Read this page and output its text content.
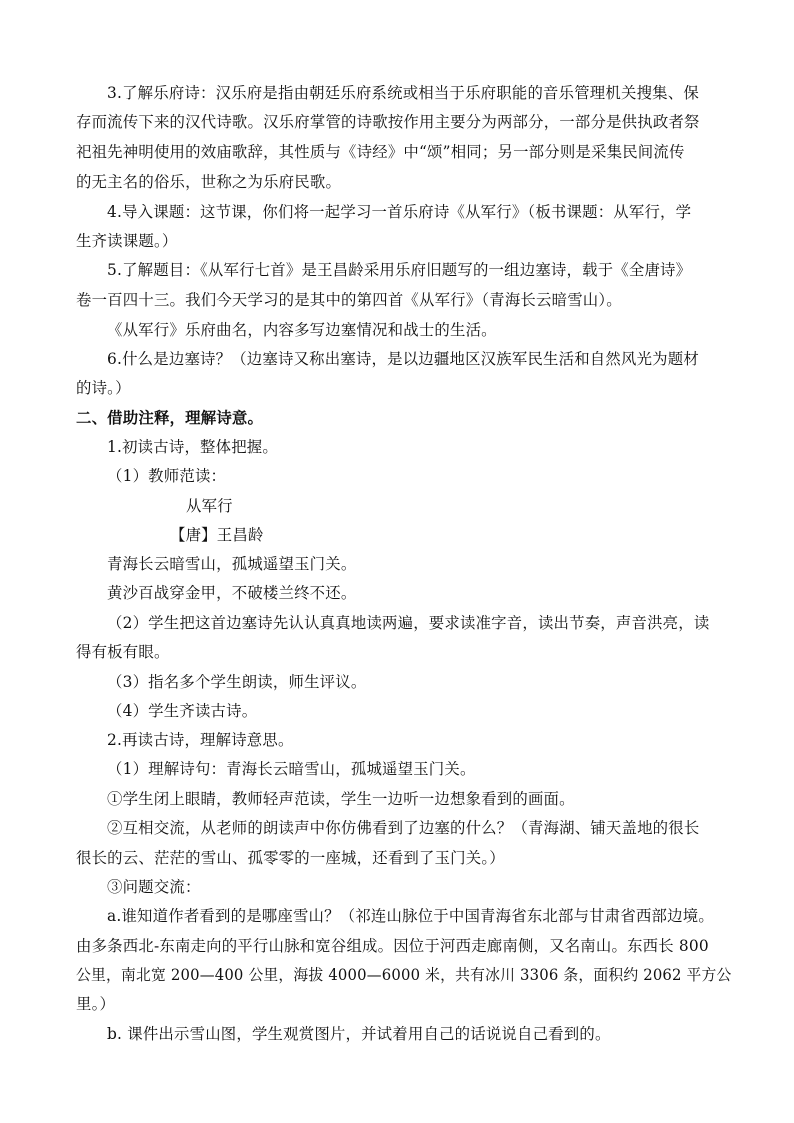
3.了解乐府诗：汉乐府是指由朝廷乐府系统或相当于乐府职能的音乐管理机关搜集、保
存而流传下来的汉代诗歌。汉乐府掌管的诗歌按作用主要分为两部分，一部分是供执政者祭
祀祖先神明使用的效庙歌辞，其性质与《诗经》中“颂”相同；另一部分则是采集民间流传
的无主名的俗乐，世称之为乐府民歌。
4.导入课题：这节课，你们将一起学习一首乐府诗《从军行》（板书课题：从军行，学
生齐读课题。）
5.了解题目：《从军行七首》是王昌龄采用乐府旧题写的一组边塞诗，载于《全唐诗》
卷一百四十三。我们今天学习的是其中的第四首《从军行》（青海长云暗雪山）。
《从军行》乐府曲名，内容多写边塞情况和战士的生活。
6.什么是边塞诗？（边塞诗又称出塞诗，是以边疆地区汉族军民生活和自然风光为题材
的诗。）
二、借助注释，理解诗意。
1.初读古诗，整体把握。
（1）教师范读：
从军行
【唐】王昌龄
青海长云暗雪山，孤城遥望玉门关。
黄沙百战穿金甲，不破楼兰终不还。
（2）学生把这首边塞诗先认认真真地读两遍，要求读准字音，读出节奏，声音洪亮，读
得有板有眼。
（3）指名多个学生朗读，师生评议。
（4）学生齐读古诗。
2.再读古诗，理解诗意思。
（1）理解诗句：青海长云暗雪山，孤城遥望玉门关。
①学生闭上眼睛，教师轻声范读，学生一边听一边想象看到的画面。
②互相交流，从老师的朗读声中你仿佛看到了边塞的什么？（青海湖、铺天盖地的很长
很长的云、茫茫的雪山、孤零零的一座城，还看到了玉门关。）
③问题交流：
a.谁知道作者看到的是哪座雪山？（祁连山脉位于中国青海省东北部与甘肃省西部边境。
由多条西北-东南走向的平行山脉和宽谷组成。因位于河西走廊南侧，又名南山。东西长 800
公里，南北宽 200—400 公里，海拔 4000—6000 米，共有冰川 3306 条，面积约 2062 平方公
里。）
b. 课件出示雪山图，学生观赏图片，并试着用自己的话说说自己看到的。
